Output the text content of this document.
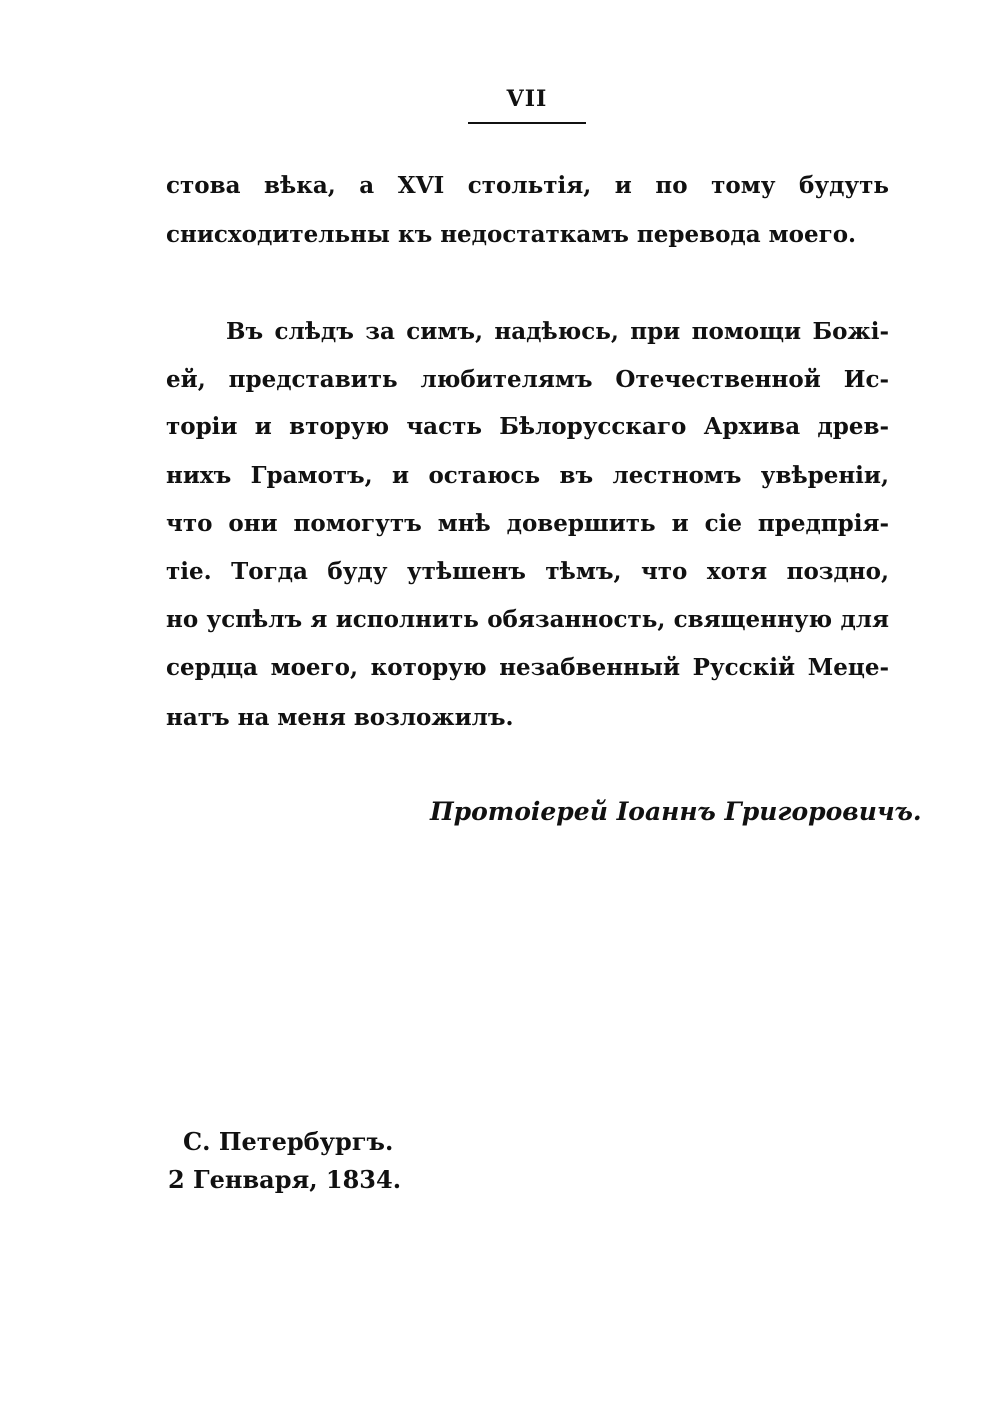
VII
стова вѣка, а XVI стольтія, и по тому будуть
снисходительны къ недостаткамъ перевода моего.
Въ слѣдъ за симъ, надѣюсь, при помощи Божі-
ей, представить любителямъ Отечественной Ис-
торіи и вторую часть Бѣлорусскаго Архива древ-
нихъ Грамотъ, и остаюсь въ лестномъ увѣреніи,
что они помогутъ мнѣ довершить и сіе предпрія-
тіе. Тогда буду утѣшенъ тѣмъ, что хотя поздно,
но успѣлъ я исполнить обязанность, священную для
сердца моего, которую незабвенный Русскій Меце-
натъ на меня возложилъ.
Протоіерей Іоаннъ Григоровичъ.
С. Петербургъ.
2 Генваря, 1834.
